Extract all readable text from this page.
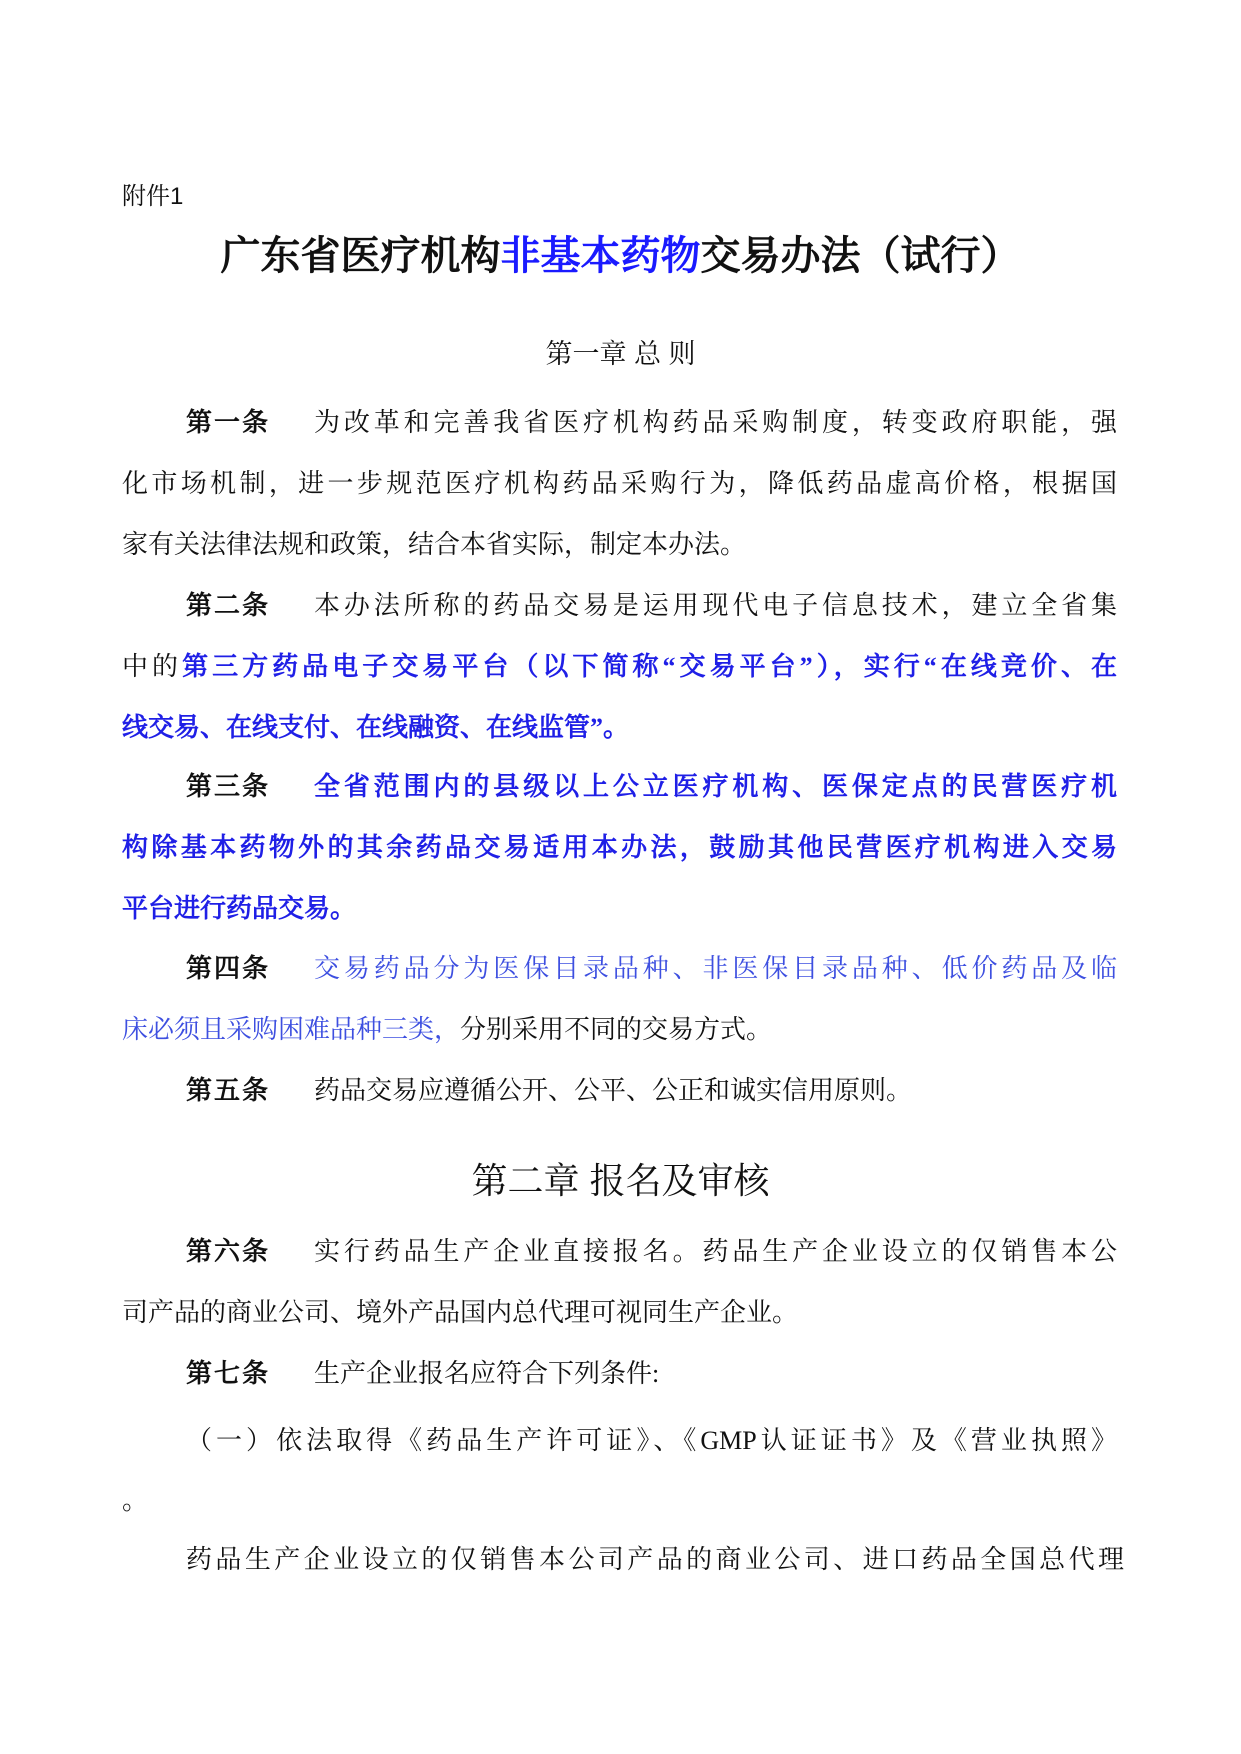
附件1
广东省医疗机构非基本药物交易办法（试行）
第一章 总 则
第二章 报名及审核
第一条 为改革和完善我省医疗机构药品采购制度，转变政府职能，强
化市场机制，进一步规范医疗机构药品采购行为，降低药品虚高价格，根据国
家有关法律法规和政策，结合本省实际，制定本办法。
第二条 本办法所称的药品交易是运用现代电子信息技术，建立全省集
中的第三方药品电子交易平台（以下简称“交易平台”），实行“在线竞价、在
线交易、在线支付、在线融资、在线监管”。
第三条 全省范围内的县级以上公立医疗机构、医保定点的民营医疗机
构除基本药物外的其余药品交易适用本办法，鼓励其他民营医疗机构进入交易
平台进行药品交易。
第四条 交易药品分为医保目录品种、非医保目录品种、低价药品及临
床必须且采购困难品种三类，分别采用不同的交易方式。
第五条 药品交易应遵循公开、公平、公正和诚实信用原则。
第六条 实行药品生产企业直接报名。药品生产企业设立的仅销售本公
司产品的商业公司、境外产品国内总代理可视同生产企业。
第七条 生产企业报名应符合下列条件:
（一）依法取得《药品生产许可证》、《GMP认证证书》及《营业执照》
。
药品生产企业设立的仅销售本公司产品的商业公司、进口药品全国总代理
